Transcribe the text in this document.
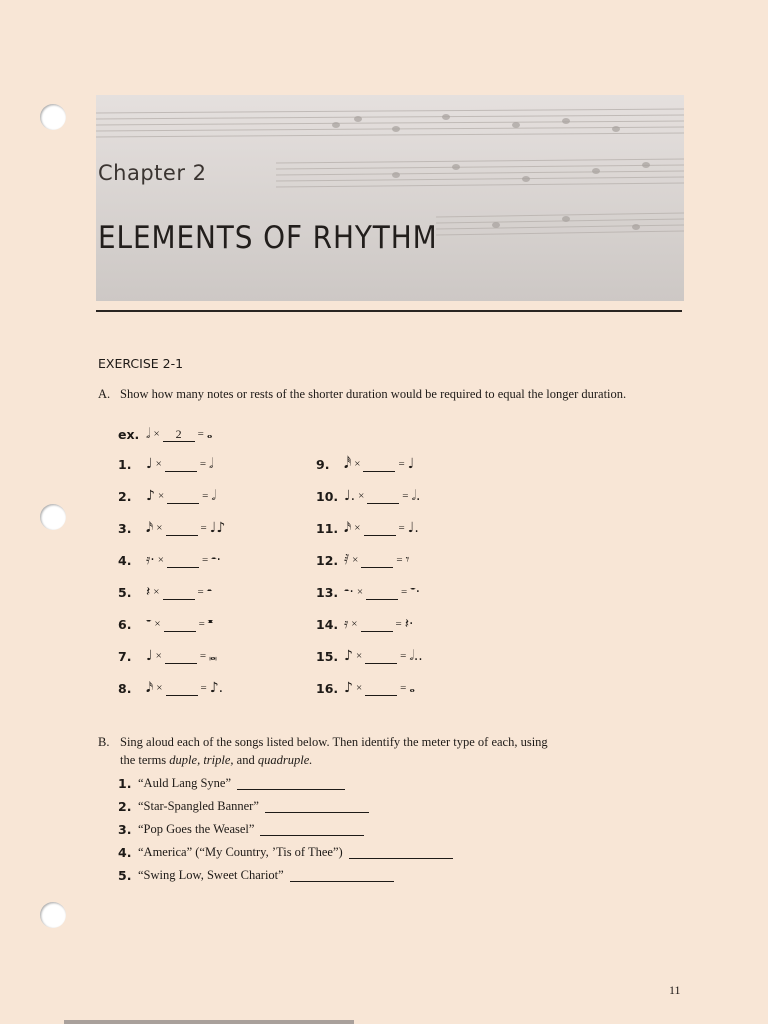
Chapter 2
ELEMENTS OF RHYTHM
EXERCISE 2-1
A. Show how many notes or rests of the shorter duration would be required to equal the longer duration.
ex. 𝅗𝅥 ×	2	= 𝅝
1.	♩ ×	= 𝅗𝅥
2.	♪ ×	= 𝅗𝅥
3.	𝅘𝅥𝅯 ×	= ♩♪
4.	𝄿· ×	= 𝄼·
5.	𝄽 ×	= 𝄼
6.	𝄻 ×	= 𝄺
7.	♩ ×	= 𝅜
8.	𝅘𝅥𝅯 ×	= ♪.
9.	𝅘𝅥𝅰 ×	= ♩
10. ♩. ×	= 𝅗𝅥.
11. 𝅘𝅥𝅯 ×	= ♩.
12. 𝅀 ×	= 𝄾
13. 𝄼· ×	= 𝄻·
14. 𝄿 ×	= 𝄽·
15. ♪ ×	= 𝅗𝅥..
16. ♪ ×	= 𝅝
B. Sing aloud each of the songs listed below. Then identify the meter type of each, using
the terms duple, triple, and quadruple.
1. “Auld Lang Syne”
2. “Star-Spangled Banner”
3. “Pop Goes the Weasel”
4. “America” (“My Country, ’Tis of Thee”)
5. “Swing Low, Sweet Chariot”
11
